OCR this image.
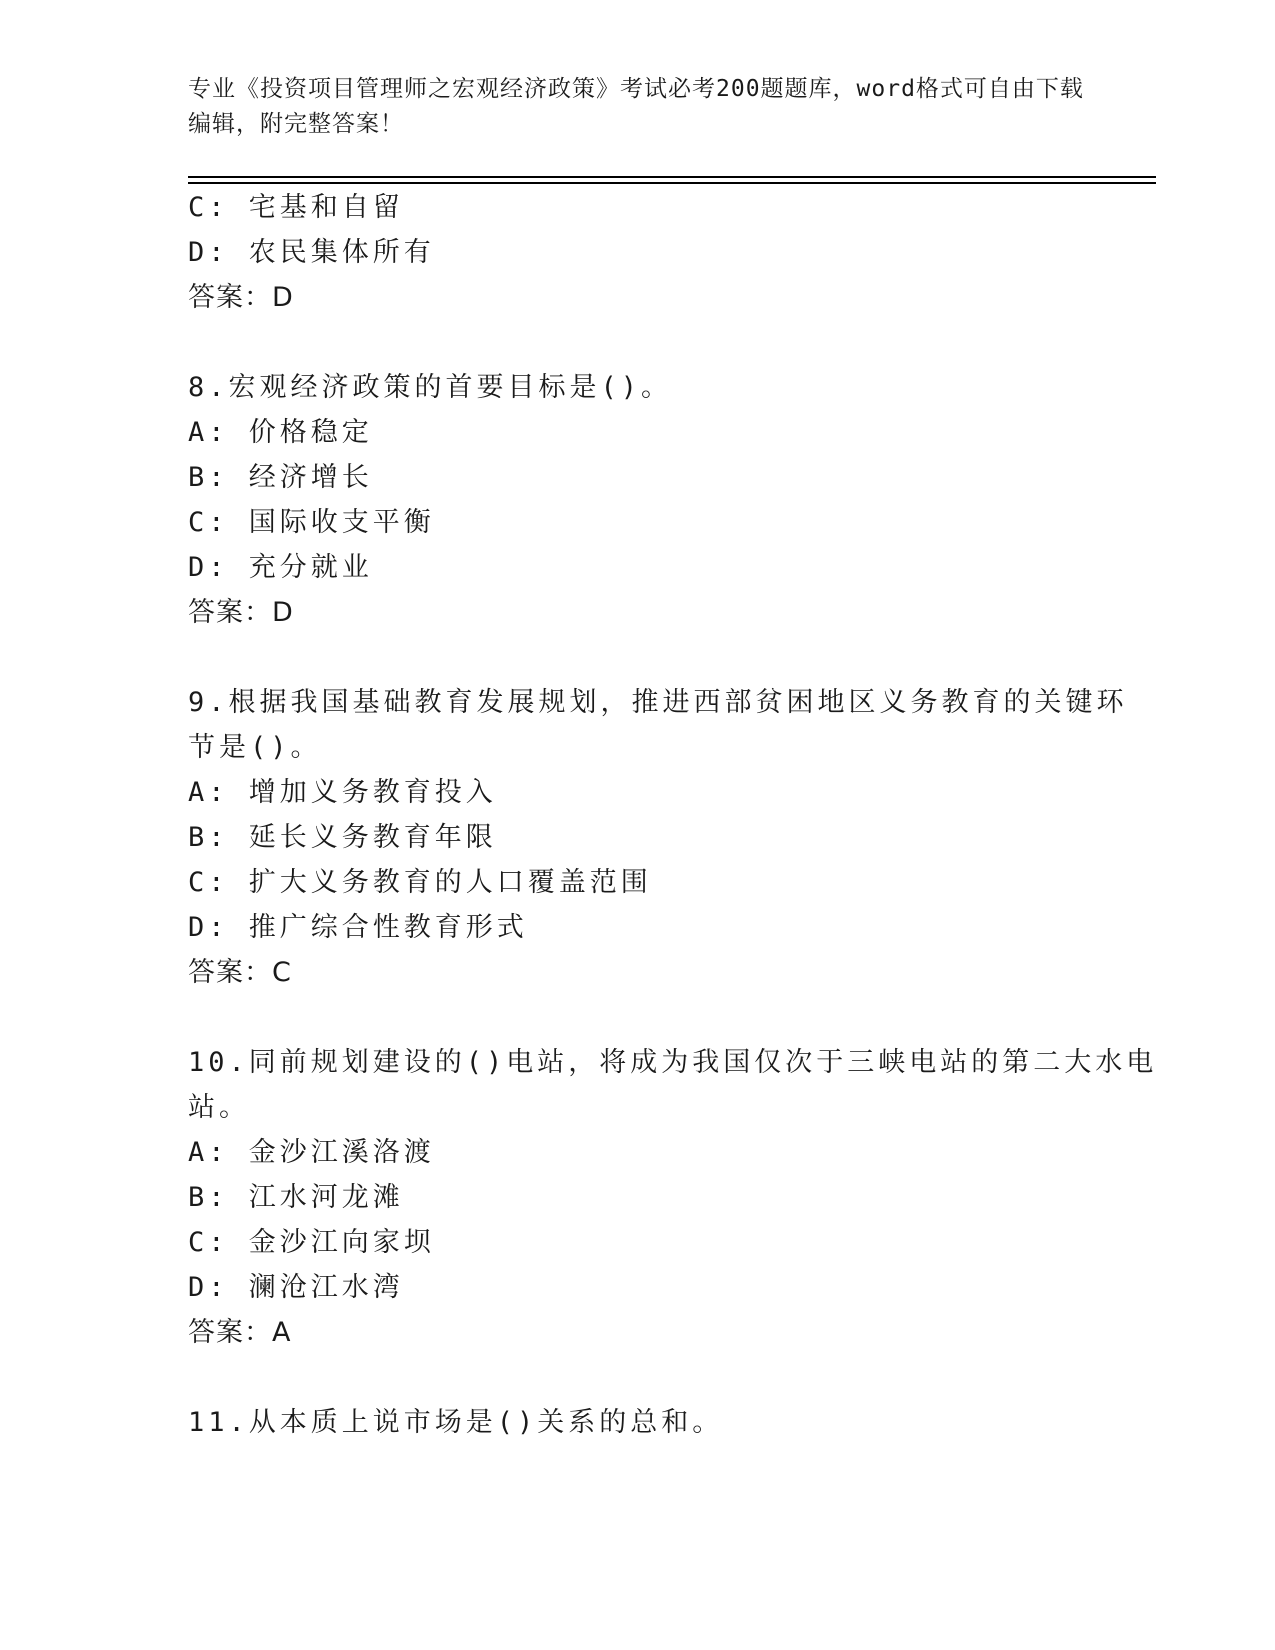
专业《投资项目管理师之宏观经济政策》考试必考200题题库，word格式可自由下载编辑，附完整答案！
C: 宅基和自留
D: 农民集体所有
答案：D
8.宏观经济政策的首要目标是()。
A: 价格稳定
B: 经济增长
C: 国际收支平衡
D: 充分就业
答案：D
9.根据我国基础教育发展规划，推进西部贫困地区义务教育的关键环
节是()。
A: 增加义务教育投入
B: 延长义务教育年限
C: 扩大义务教育的人口覆盖范围
D: 推广综合性教育形式
答案：C
10.同前规划建设的()电站，将成为我国仅次于三峡电站的第二大水电
站。
A: 金沙江溪洛渡
B: 江水河龙滩
C: 金沙江向家坝
D: 澜沧江水湾
答案：A
11.从本质上说市场是()关系的总和。
